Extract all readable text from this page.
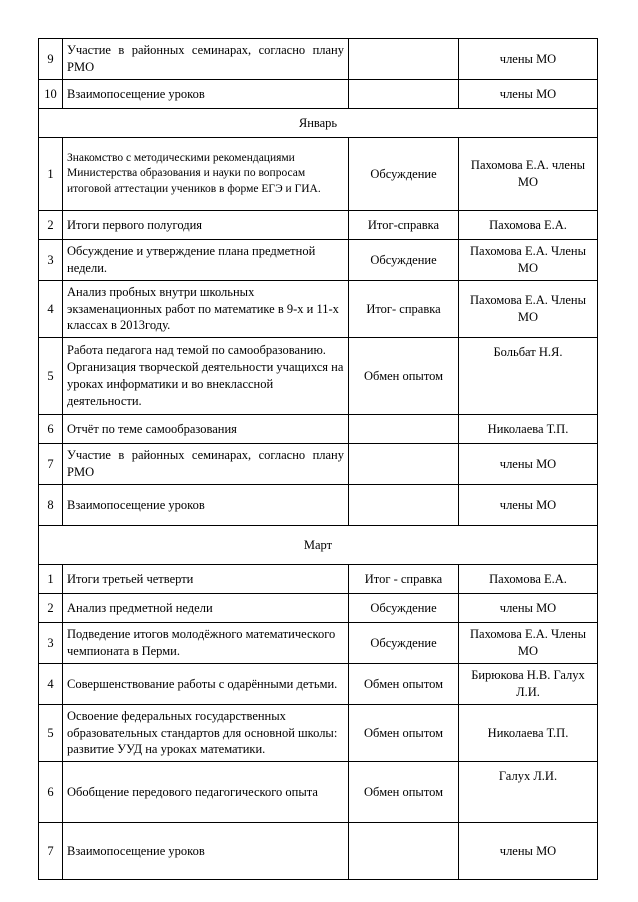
9	Участие в районных семинарах, согласно плану РМО		члены МО
10	Взаимопосещение уроков		члены МО
Январь			
1	Знакомство с методическими рекомендациями Министерства образования и науки по вопросам итоговой аттестации учеников в форме ЕГЭ и ГИА.	Обсуждение	Пахомова Е.А. члены МО
2	Итоги первого полугодия	Итог-справка	Пахомова Е.А.
3	Обсуждение и утверждение плана предметной недели.	Обсуждение	Пахомова Е.А. Члены МО
4	Анализ пробных внутри школьных экзаменационных работ по математике в 9-х и 11-х классах в 2013году.	Итог- справка	Пахомова Е.А. Члены МО
5	Работа педагога над темой по самообразованию. Организация творческой деятельности учащихся на уроках информатики и во внеклассной деятельности.	Обмен опытом	Больбат Н.Я.
6	Отчёт по теме самообразования		Николаева Т.П.
7	Участие в районных семинарах, согласно плану РМО		члены МО
8	Взаимопосещение уроков		члены МО
Март			
1	Итоги третьей четверти	Итог - справка	Пахомова Е.А.
2	Анализ предметной недели	Обсуждение	члены МО
3	Подведение итогов молодёжного математического чемпионата в Перми.	Обсуждение	Пахомова Е.А. Члены МО
4	Совершенствование работы с одарёнными детьми.	Обмен опытом	Бирюкова Н.В. Галух Л.И.
5	Освоение федеральных государственных образовательных стандартов для основной школы: развитие УУД на уроках математики.	Обмен опытом	Николаева Т.П.
6	Обобщение передового педагогического опыта	Обмен опытом	Галух Л.И.
7	Взаимопосещение уроков		члены МО
